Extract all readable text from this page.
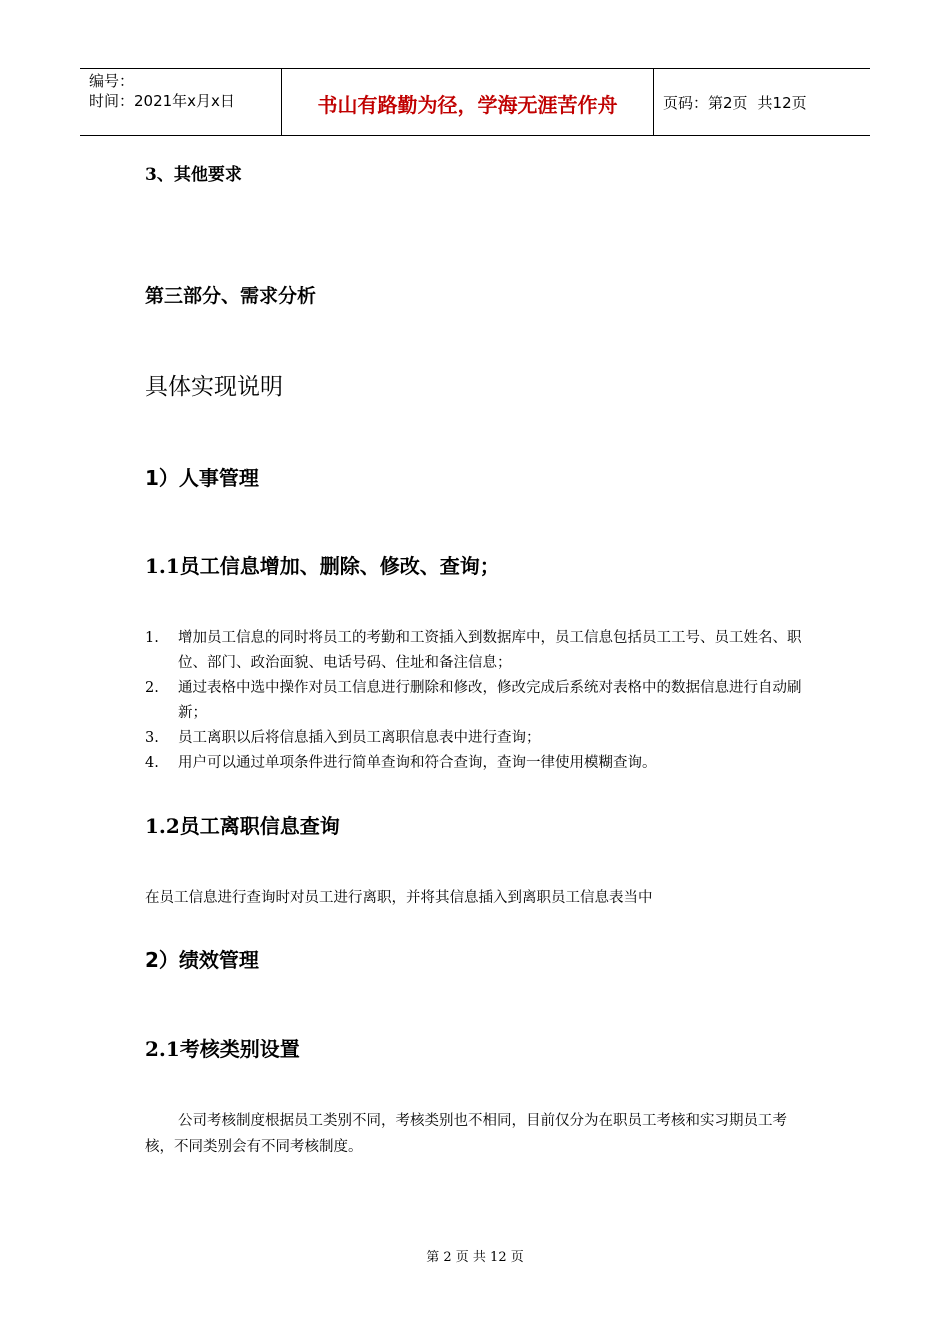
编号：
时间：2021年x月x日	书山有路勤为径，学海无涯苦作舟	页码：第2页 共12页
3、其他要求
第三部分、需求分析
具体实现说明
1）人事管理
1.1员工信息增加、删除、修改、查询；
1. 增加员工信息的同时将员工的考勤和工资插入到数据库中，员工信息包括员工工号、员工姓名、职位、部门、政治面貌、电话号码、住址和备注信息；
2. 通过表格中选中操作对员工信息进行删除和修改，修改完成后系统对表格中的数据信息进行自动刷新；
3. 员工离职以后将信息插入到员工离职信息表中进行查询；
4. 用户可以通过单项条件进行简单查询和符合查询，查询一律使用模糊查询。
1.2员工离职信息查询
在员工信息进行查询时对员工进行离职，并将其信息插入到离职员工信息表当中
2）绩效管理
2.1考核类别设置
公司考核制度根据员工类别不同，考核类别也不相同，目前仅分为在职员工考核和实习期员工考核，不同类别会有不同考核制度。
第 2 页 共 12 页
